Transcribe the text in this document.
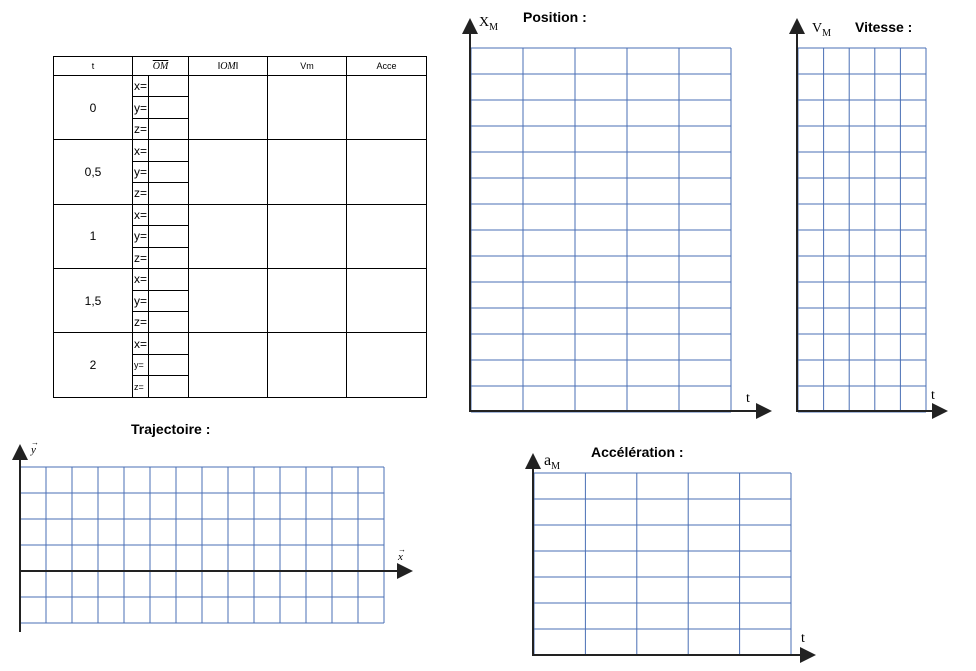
t	$\overline{OM}$		‖OM‖	Vm	Acce
0	x=				
	y=				
	z=				
0,5	x=				
	y=				
	z=				
1	x=				
	y=				
	z=				
1,5	x=				
	y=				
	z=				
2	x=				
	y=				
	z=				
Position :
$X_M$
t
Vitesse :
$V_M$
t
Trajectoire :
→
y
→
x
Accélération :
$a_M$
t
